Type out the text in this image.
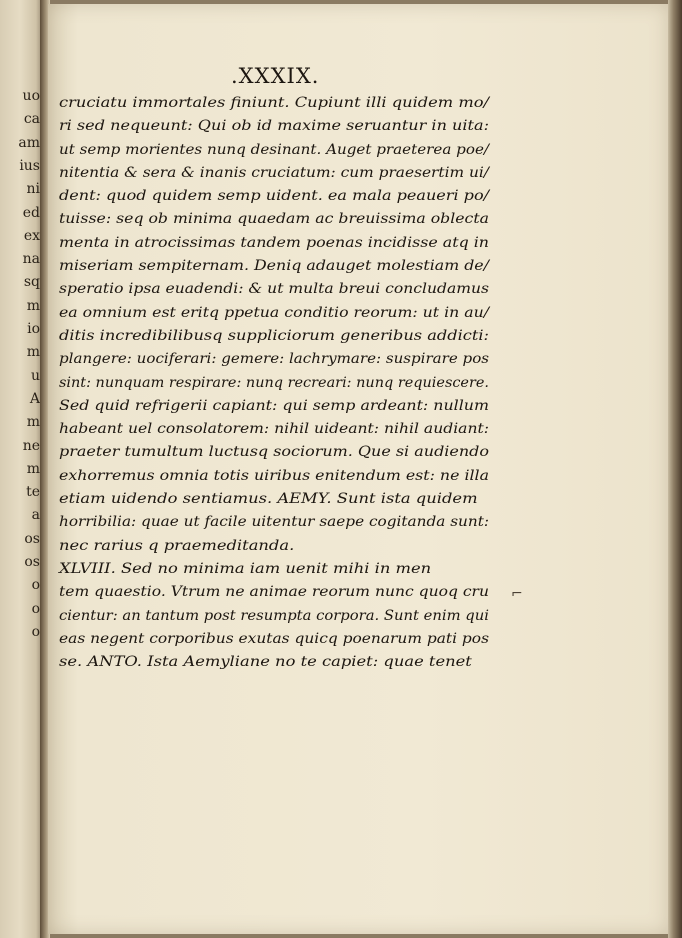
uo
ca
am
ius
ni
ed
ex
na
sq
m
io
m
u
A
m
ne
m
te
a
os
os
o
o
o
.XXXIX.
cruciatu immortales finiunt. Cupiunt illi quidem mo/
ri sed nequeunt: Qui ob id maxime seruantur in uita:
ut semp morientes nunq desinant. Auget praeterea poe/
nitentia & sera & inanis cruciatum: cum praesertim ui/
dent: quod quidem semp uident. ea mala peaueri po/
tuisse: seq ob minima quaedam ac breuissima oblecta
menta in atrocissimas tandem poenas incidisse atq in
miseriam sempiternam. Deniq adauget molestiam de/
speratio ipsa euadendi: & ut multa breui concludamus
ea omnium est eritq ppetua conditio reorum: ut in au/
ditis incredibilibusq suppliciorum generibus addicti:
plangere: uociferari: gemere: lachrymare: suspirare pos
sint: nunquam respirare: nunq recreari: nunq requiescere.
Sed quid refrigerii capiant: qui semp ardeant: nullum
habeant uel consolatorem: nihil uideant: nihil audiant:
praeter tumultum luctusq sociorum. Que si audiendo
exhorremus omnia totis uiribus enitendum est: ne illa
etiam uidendo sentiamus. AEMY. Sunt ista quidem
horribilia: quae ut facile uitentur saepe cogitanda sunt:
nec rarius q praemeditanda.
XLVIII. Sed no minima iam uenit mihi in men
tem quaestio. Vtrum ne animae reorum nunc quoq cru
cientur: an tantum post resumpta corpora. Sunt enim qui
eas negent corporibus exutas quicq poenarum pati pos
se. ANTO. Ista Aemyliane no te capiet: quae tenet
⌐
